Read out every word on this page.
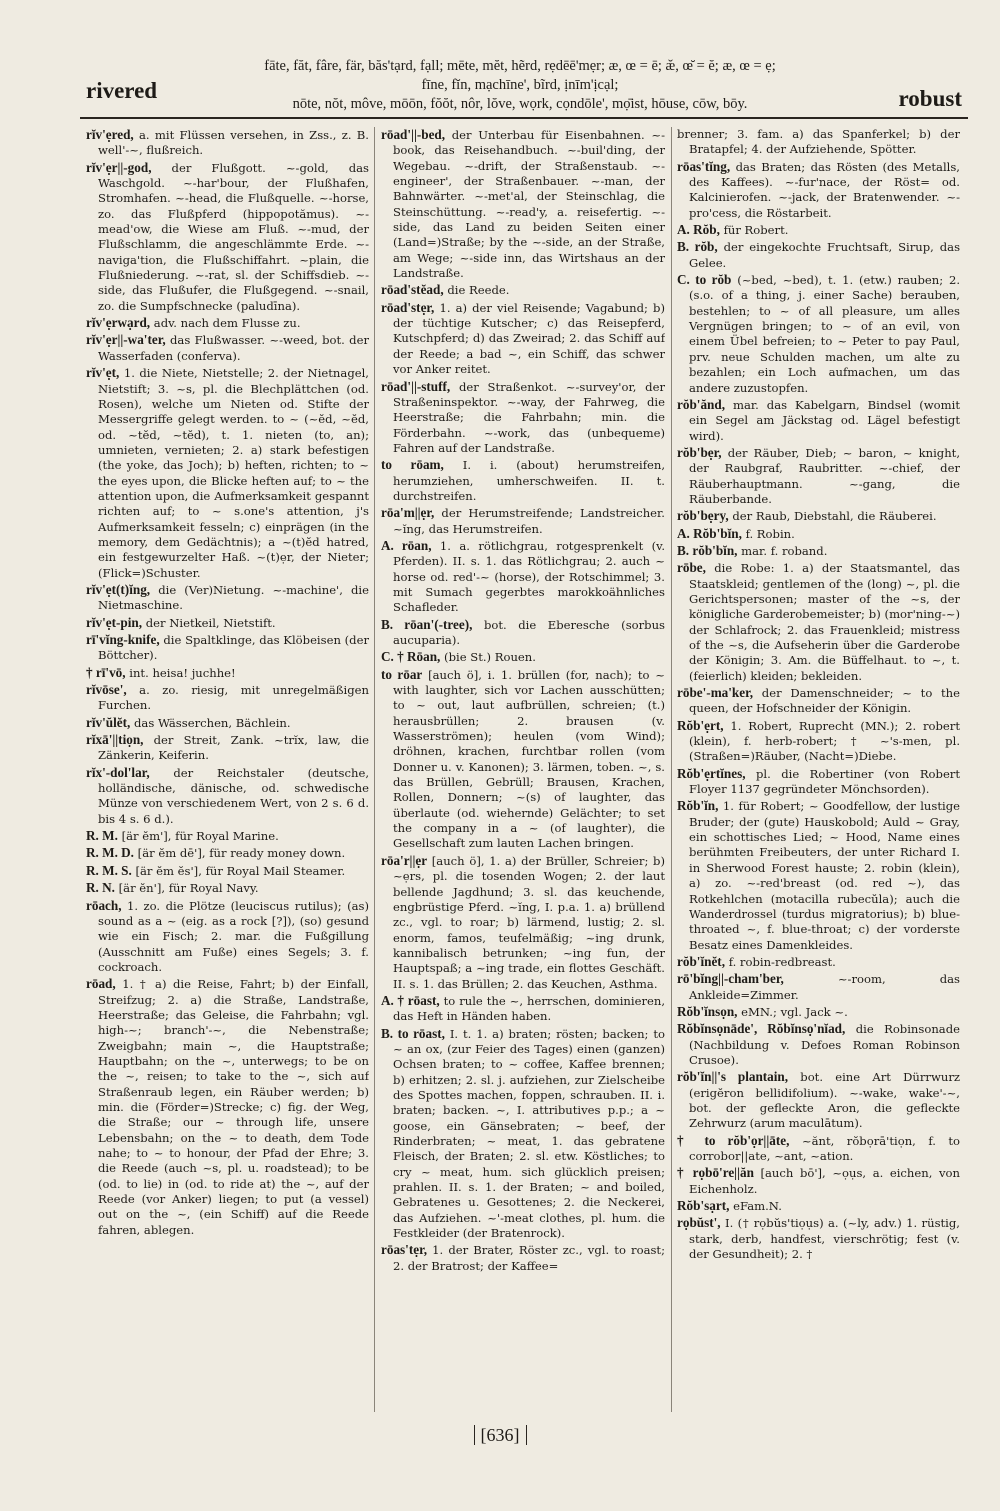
rivered
fāte, făt, fâre, fär, băs'tạrd, fạll; mēte, mĕt, hẽrd, rẹdēē'mẹr; æ, œ = ē; æ̆, œ̆ = ĕ; æ, œ = ẹ;
fīne, fĭn, mạchīne', bĩrd, ịnīm'ịcạl;
nōte, nŏt, môve, mōōn, fŏŏt, nôr, lŏve, wọrk, cọndōle', mọ̄ist, hōuse, cōw, bōy.	robust

rĭv'ẹred, a. mit Flüssen versehen, in Zss., z. B. well'-~, flußreich.

rĭv'ẹr||-god, der Flußgott. ~-gold, das Waschgold. ~-har'bour, der Flußhafen, Stromhafen. ~-head, die Flußquelle. ~-horse, zo. das Flußpferd (hippopotămus). ~-mead'ow, die Wiese am Fluß. ~-mud, der Flußschlamm, die angeschlämmte Erde. ~-naviga'tion, die Flußschiffahrt. ~plain, die Flußniederung. ~-rat, sl. der Schiffsdieb. ~-side, das Flußufer, die Flußgegend. ~-snail, zo. die Sumpfschnecke (paludīna).

rĭv'ẹrwạrd, adv. nach dem Flusse zu.

rĭv'ẹr||-wa'ter, das Flußwasser. ~-weed, bot. der Wasserfaden (conferva).

rĭv'ẹt, 1. die Niete, Nietstelle; 2. der Nietnagel, Nietstift; 3. ~s, pl. die Blechplättchen (od. Rosen), welche um Nieten od. Stifte der Messergriffe gelegt werden. to ~ (~ĕd, ~ĕd, od. ~tĕd, ~tĕd), t. 1. nieten (to, an); umnieten, vernieten; 2. a) stark befestigen (the yoke, das Joch); b) heften, richten; to ~ the eyes upon, die Blicke heften auf; to ~ the attention upon, die Aufmerksamkeit gespannt richten auf; to ~ s.one's attention, j's Aufmerksamkeit fesseln; c) einprägen (in the memory, dem Gedächtnis); a ~(t)ĕd hatred, ein festgewurzelter Haß. ~(t)ẹr, der Nieter; (Flick=)Schuster.

rĭv'ẹt(t)ĭng, die (Ver)Nietung. ~-machine', die Nietmaschine.

rĭv'ẹt-pin, der Nietkeil, Nietstift.

rī'vĭng-knife, die Spaltklinge, das Klöbeisen (der Böttcher).

† rī'vō, int. heisa! juchhe!

rĭvōse', a. zo. riesig, mit unregelmäßigen Furchen.

rĭv'ŭlĕt, das Wässerchen, Bächlein.

rĭxā'||tiọn, der Streit, Zank. ~trĭx, law, die Zänkerin, Keiferin.

rĭx'-dol'lar, der Reichstaler (deutsche, holländische, dänische, od. schwedische Münze von verschiedenem Wert, von 2 s. 6 d. bis 4 s. 6 d.).

R. M. [är ĕm'], für Royal Marine.

R. M. D. [är ĕm dē'], für ready money down.

R. M. S. [är ĕm ĕs'], für Royal Mail Steamer.

R. N. [är ĕn'], für Royal Navy.

rōach, 1. zo. die Plötze (leuciscus rutilus); (as) sound as a ~ (eig. as a rock [?]), (so) gesund wie ein Fisch; 2. mar. die Fußgillung (Ausschnitt am Fuße) eines Segels; 3. f. cockroach.

rōad, 1. † a) die Reise, Fahrt; b) der Einfall, Streifzug; 2. a) die Straße, Landstraße, Heerstraße; das Geleise, die Fahrbahn; vgl. high-~; branch'-~, die Nebenstraße; Zweigbahn; main ~, die Hauptstraße; Hauptbahn; on the ~, unterwegs; to be on the ~, reisen; to take to the ~, sich auf Straßenraub legen, ein Räuber werden; b) min. die (Förder=)Strecke; c) fig. der Weg, die Straße; our ~ through life, unsere Lebensbahn; on the ~ to death, dem Tode nahe; to ~ to honour, der Pfad der Ehre; 3. die Reede (auch ~s, pl. u. roadstead); to be (od. to lie) in (od. to ride at) the ~, auf der Reede (vor Anker) liegen; to put (a vessel) out on the ~, (ein Schiff) auf die Reede fahren, ablegen.

rōad'||-bed, der Unterbau für Eisenbahnen. ~-book, das Reisehandbuch. ~-buil'ding, der Wegebau. ~-drift, der Straßenstaub. ~-engineer', der Straßenbauer. ~-man, der Bahnwärter. ~-met'al, der Steinschlag, die Steinschüttung. ~-read'y, a. reisefertig. ~-side, das Land zu beiden Seiten einer (Land=)Straße; by the ~-side, an der Straße, am Wege; ~-side inn, das Wirtshaus an der Landstraße.

rōad'stĕad, die Reede.

rōad'stẹr, 1. a) der viel Reisende; Vagabund; b) der tüchtige Kutscher; c) das Reisepferd, Kutschpferd; d) das Zweirad; 2. das Schiff auf der Reede; a bad ~, ein Schiff, das schwer vor Anker reitet.

rōad'||-stuff, der Straßenkot. ~-survey'or, der Straßeninspektor. ~-way, der Fahrweg, die Heerstraße; die Fahrbahn; min. die Förderbahn. ~-work, das (unbequeme) Fahren auf der Landstraße.

to rōam, I. i. (about) herumstreifen, herumziehen, umherschweifen. II. t. durchstreifen.

rōa'm||ẹr, der Herumstreifende; Landstreicher. ~ĭng, das Herumstreifen.

A. rōan, 1. a. rötlichgrau, rotgesprenkelt (v. Pferden). II. s. 1. das Rötlichgrau; 2. auch ~ horse od. red'-~ (horse), der Rotschimmel; 3. mit Sumach gegerbtes marokkoähnliches Schafleder.

B. rōan'(-tree), bot. die Eberesche (sorbus aucuparia).

C. † Rōan, (bie St.) Rouen.

to rōar [auch ö], i. 1. brüllen (for, nach); to ~ with laughter, sich vor Lachen ausschütten; to ~ out, laut aufbrüllen, schreien; (t.) herausbrüllen; 2. brausen (v. Wasserströmen); heulen (vom Wind); dröhnen, krachen, furchtbar rollen (vom Donner u. v. Kanonen); 3. lärmen, toben. ~, s. das Brüllen, Gebrüll; Brausen, Krachen, Rollen, Donnern; ~(s) of laughter, das überlaute (od. wiehernde) Gelächter; to set the company in a ~ (of laughter), die Gesellschaft zum lauten Lachen bringen.

rōa'r||ẹr [auch ö], 1. a) der Brüller, Schreier; b) ~ẹrs, pl. die tosenden Wogen; 2. der laut bellende Jagdhund; 3. sl. das keuchende, engbrüstige Pferd. ~ĭng, I. p.a. 1. a) brüllend zc., vgl. to roar; b) lärmend, lustig; 2. sl. enorm, famos, teufelmäßig; ~ing drunk, kannibalisch betrunken; ~ing fun, der Hauptspaß; a ~ing trade, ein flottes Geschäft. II. s. 1. das Brüllen; 2. das Keuchen, Asthma.

A. † rōast, to rule the ~, herrschen, dominieren, das Heft in Händen haben.

B. to rōast, I. t. 1. a) braten; rösten; backen; to ~ an ox, (zur Feier des Tages) einen (ganzen) Ochsen braten; to ~ coffee, Kaffee brennen; b) erhitzen; 2. sl. j. aufziehen, zur Zielscheibe des Spottes machen, foppen, schrauben. II. i. braten; backen. ~, I. attributives p.p.; a ~ goose, ein Gänsebraten; ~ beef, der Rinderbraten; ~ meat, 1. das gebratene Fleisch, der Braten; 2. sl. etw. Köstliches; to cry ~ meat, hum. sich glücklich preisen; prahlen. II. s. 1. der Braten; ~ and boiled, Gebratenes u. Gesottenes; 2. die Neckerei, das Aufziehen. ~'-meat clothes, pl. hum. die Festkleider (der Bratenrock).

rōas'tẹr, 1. der Brater, Röster zc., vgl. to roast; 2. der Bratrost; der Kaffee=

brenner; 3. fam. a) das Spanferkel; b) der Bratapfel; 4. der Aufziehende, Spötter.

rōas'tĭng, das Braten; das Rösten (des Metalls, des Kaffees). ~-fur'nace, der Röst= od. Kalcinierofen. ~-jack, der Bratenwender. ~-pro'cess, die Röstarbeit.

A. Rŏb, für Robert.

B. rŏb, der eingekochte Fruchtsaft, Sirup, das Gelee.

C. to rŏb (~bed, ~bed), t. 1. (etw.) rauben; 2. (s.o. of a thing, j. einer Sache) berauben, bestehlen; to ~ of all pleasure, um alles Vergnügen bringen; to ~ of an evil, von einem Übel befreien; to ~ Peter to pay Paul, prv. neue Schulden machen, um alte zu bezahlen; ein Loch aufmachen, um das andere zuzustopfen.

rŏb'ănd, mar. das Kabelgarn, Bindsel (womit ein Segel am Jäckstag od. Lägel befestigt wird).

rŏb'bẹr, der Räuber, Dieb; ~ baron, ~ knight, der Raubgraf, Raubritter. ~-chief, der Räuberhauptmann. ~-gang, die Räuberbande.

rŏb'bẹry, der Raub, Diebstahl, die Räuberei.

A. Rŏb'bĭn, f. Robin.

B. rŏb'bĭn, mar. f. roband.

rōbe, die Robe: 1. a) der Staatsmantel, das Staatskleid; gentlemen of the (long) ~, pl. die Gerichtspersonen; master of the ~s, der königliche Garderobemeister; b) (mor'ning-~) der Schlafrock; 2. das Frauenkleid; mistress of the ~s, die Aufseherin über die Garderobe der Königin; 3. Am. die Büffelhaut. to ~, t. (feierlich) kleiden; bekleiden.

rōbe'-ma'ker, der Damenschneider; ~ to the queen, der Hofschneider der Königin.

Rŏb'ẹrt, 1. Robert, Ruprecht (MN.); 2. robert (klein), f. herb-robert; † ~'s-men, pl. (Straßen=)Räuber, (Nacht=)Diebe.

Rŏb'ẹrtĭnes, pl. die Robertiner (von Robert Floyer 1137 gegründeter Mönchsorden).

Rŏb'ĭn, 1. für Robert; ~ Goodfellow, der lustige Bruder; der (gute) Hauskobold; Auld ~ Gray, ein schottisches Lied; ~ Hood, Name eines berühmten Freibeuters, der unter Richard I. in Sherwood Forest hauste; 2. robin (klein), a) zo. ~-red'breast (od. red ~), das Rotkehlchen (motacilla rubecŭla); auch die Wanderdrossel (turdus migratorius); b) blue-throated ~, f. blue-throat; c) der vorderste Besatz eines Damenkleides.

rŏb'ĭnĕt, f. robin-redbreast.

rō'bĭng||-cham'ber,	~-room, das Ankleide=Zimmer.

Rŏb'ĭnsọn, eMN.; vgl. Jack ~.

Rŏbĭnsọnāde', Rŏbĭnsọ'nĭad, die Robinsonade (Nachbildung v. Defoes Roman Robinson Crusoe).

rŏb'ĭn||'s plantain, bot. eine Art Dürrwurz (erigĕron bellidifolium). ~-wake, wake'-~, bot. der gefleckte Aron, die gefleckte Zehrwurz (arum maculātum).

† to rŏb'ọr||āte, ~ănt, rŏbọrā'tiọn, f. to corrobor||ate, ~ant, ~ation.

† rọbō're||ăn [auch bō'], ~ọụs, a. eichen, von Eichenholz.

Rŏb'sạrt, eFam.N.

rọbŭst', I. († rọbŭs'tiọụs) a. (~ly, adv.) 1. rüstig, stark, derb, handfest, vierschrötig; fest (v. der Gesundheit); 2. †

[636]
